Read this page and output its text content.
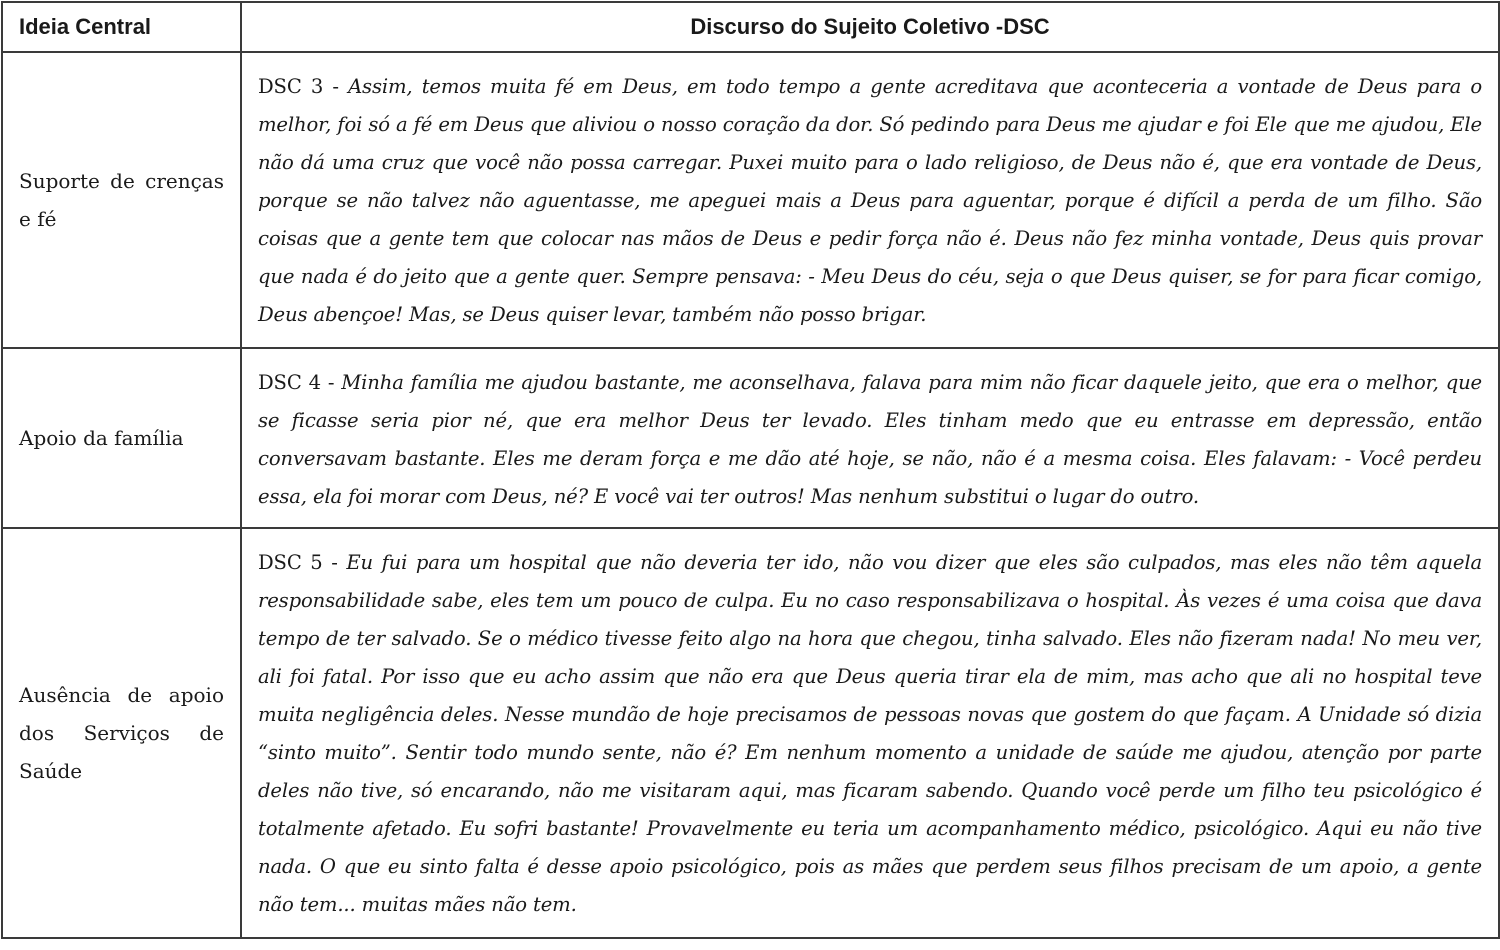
Ideia Central	Discurso do Sujeito Coletivo -DSC
Suporte de crenças e fé	DSC 3 - Assim, temos muita fé em Deus, em todo tempo a gente acreditava que aconteceria a vontade de Deus para o melhor, foi só a fé em Deus que aliviou o nosso coração da dor. Só pedindo para Deus me ajudar e foi Ele que me ajudou, Ele não dá uma cruz que você não possa carregar. Puxei muito para o lado religioso, de Deus não é, que era vontade de Deus, porque se não talvez não aguentasse, me apeguei mais a Deus para aguentar, porque é difícil a perda de um filho. São coisas que a gente tem que colocar nas mãos de Deus e pedir força não é. Deus não fez minha vontade, Deus quis provar que nada é do jeito que a gente quer. Sempre pensava: - Meu Deus do céu, seja o que Deus quiser, se for para ficar comigo, Deus abençoe! Mas, se Deus quiser levar, também não posso brigar.
Apoio da família	DSC 4 - Minha família me ajudou bastante, me aconselhava, falava para mim não ficar daquele jeito, que era o melhor, que se ficasse seria pior né, que era melhor Deus ter levado. Eles tinham medo que eu entrasse em depressão, então conversavam bastante. Eles me deram força e me dão até hoje, se não, não é a mesma coisa. Eles falavam: - Você perdeu essa, ela foi morar com Deus, né? E você vai ter outros! Mas nenhum substitui o lugar do outro.
Ausência de apoio dos Serviços de Saúde	DSC 5 - Eu fui para um hospital que não deveria ter ido, não vou dizer que eles são culpados, mas eles não têm aquela responsabilidade sabe, eles tem um pouco de culpa. Eu no caso responsabilizava o hospital. Às vezes é uma coisa que dava tempo de ter salvado. Se o médico tivesse feito algo na hora que chegou, tinha salvado. Eles não fizeram nada! No meu ver, ali foi fatal. Por isso que eu acho assim que não era que Deus queria tirar ela de mim, mas acho que ali no hospital teve muita negligência deles. Nesse mundão de hoje precisamos de pessoas novas que gostem do que façam. A Unidade só dizia “sinto muito”. Sentir todo mundo sente, não é? Em nenhum momento a unidade de saúde me ajudou, atenção por parte deles não tive, só encarando, não me visitaram aqui, mas ficaram sabendo. Quando você perde um filho teu psicológico é totalmente afetado. Eu sofri bastante! Provavelmente eu teria um acompanhamento médico, psicológico. Aqui eu não tive nada. O que eu sinto falta é desse apoio psicológico, pois as mães que perdem seus filhos precisam de um apoio, a gente não tem... muitas mães não tem.
